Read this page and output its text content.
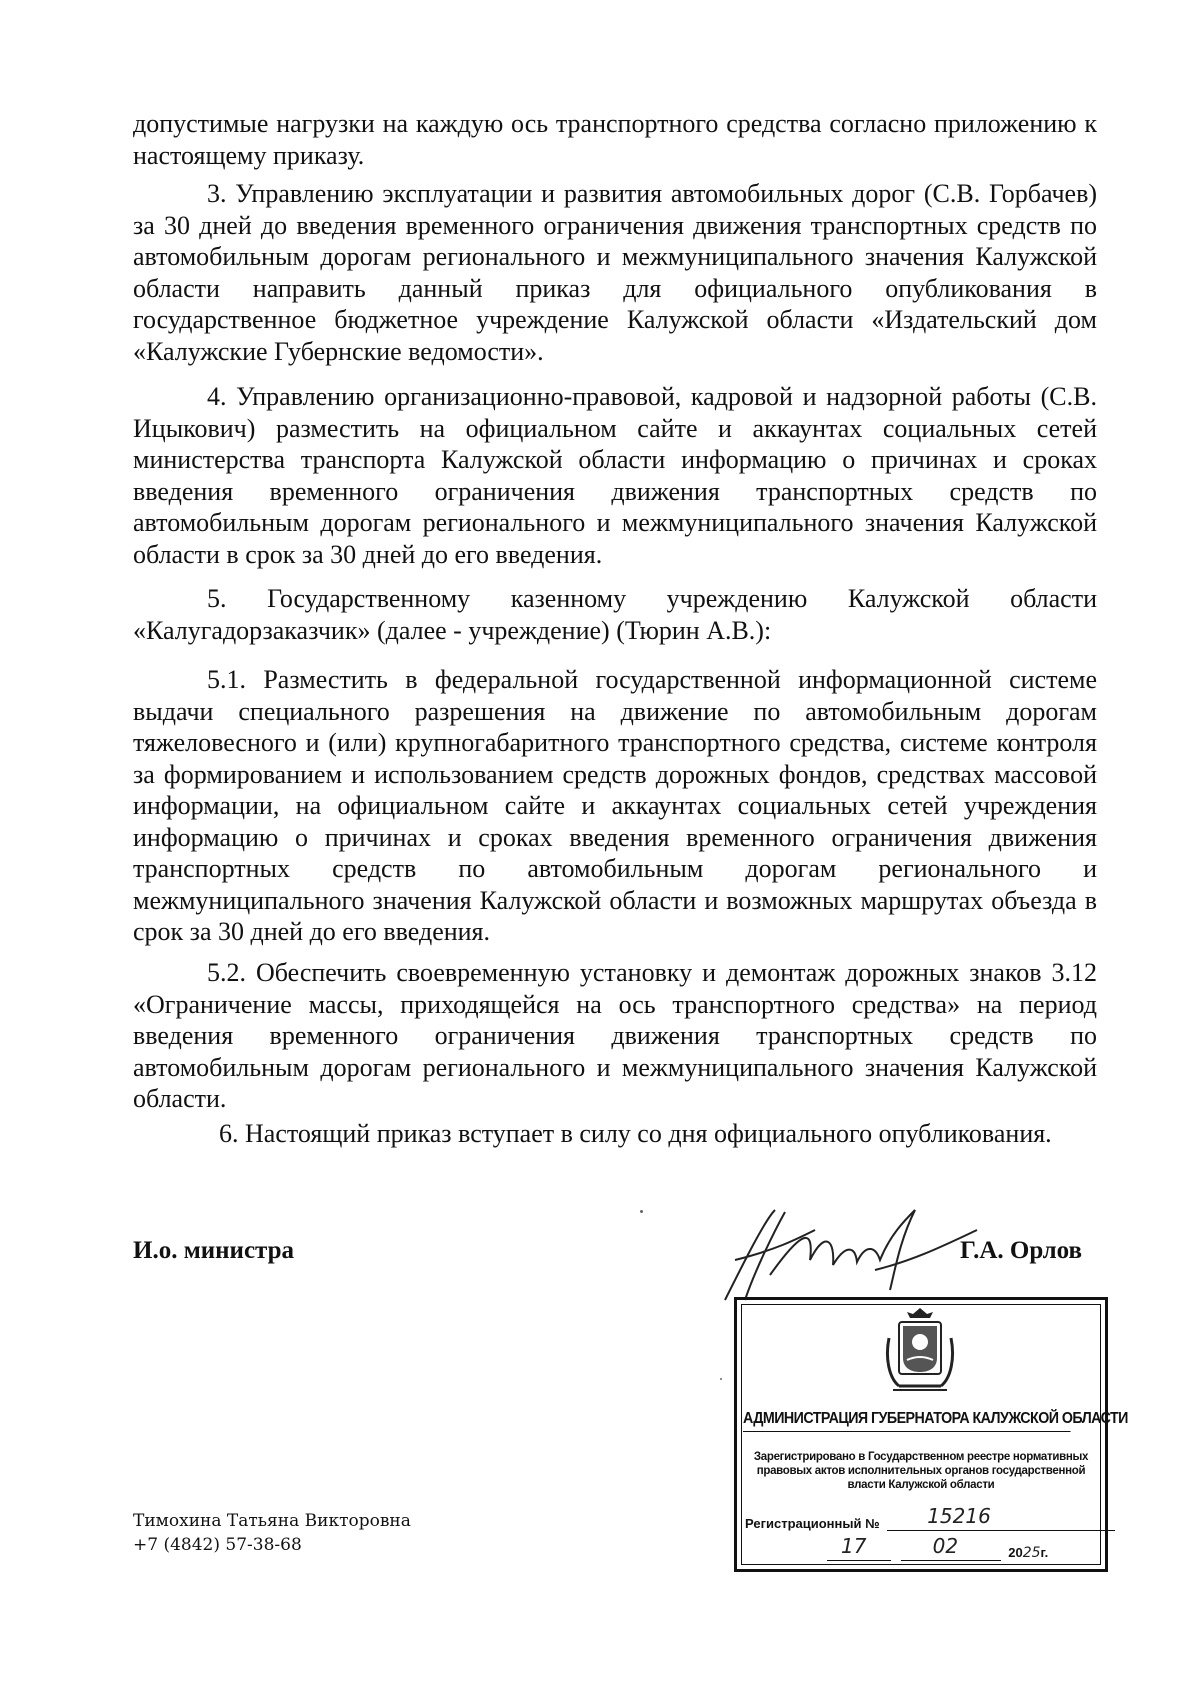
допустимые нагрузки на каждую ось транспортного средства согласно приложению к настоящему приказу.

3. Управлению эксплуатации и развития автомобильных дорог (С.В. Горбачев) за 30 дней до введения временного ограничения движения транспортных средств по автомобильным дорогам регионального и межмуниципального значения Калужской области направить данный приказ для официального опубликования в государственное бюджетное учреждение Калужской области «Издательский дом «Калужские Губернские ведомости».

4. Управлению организационно-правовой, кадровой и надзорной работы (С.В. Ицыкович) разместить на официальном сайте и аккаунтах социальных сетей министерства транспорта Калужской области информацию о причинах и сроках введения временного ограничения движения транспортных средств по автомобильным дорогам регионального и межмуниципального значения Калужской области в срок за 30 дней до его введения.

5. Государственному казенному учреждению Калужской области «Калугадорзаказчик» (далее - учреждение) (Тюрин А.В.):

5.1. Разместить в федеральной государственной информационной системе выдачи специального разрешения на движение по автомобильным дорогам тяжеловесного и (или) крупногабаритного транспортного средства, системе контроля за формированием и использованием средств дорожных фондов, средствах массовой информации, на официальном сайте и аккаунтах социальных сетей учреждения информацию о причинах и сроках введения временного ограничения движения транспортных средств по автомобильным дорогам регионального и межмуниципального значения Калужской области и возможных маршрутах объезда в срок за 30 дней до его введения.

5.2. Обеспечить своевременную установку и демонтаж дорожных знаков 3.12 «Ограничение массы, приходящейся на ось транспортного средства» на период введения временного ограничения движения транспортных средств по автомобильным дорогам регионального и межмуниципального значения Калужской области.

6. Настоящий приказ вступает в силу со дня официального опубликования.

И.о. министра	Г.А. Орлов
АДМИНИСТРАЦИЯ ГУБЕРНАТОРА КАЛУЖСКОЙ ОБЛАСТИ
Зарегистрировано в Государственном реестре нормативных правовых актов исполнительных органов государственной власти Калужской области
Регистрационный № 15216
17
	02	2025г.
Тимохина Татьяна Викторовна
+7 (4842) 57-38-68
